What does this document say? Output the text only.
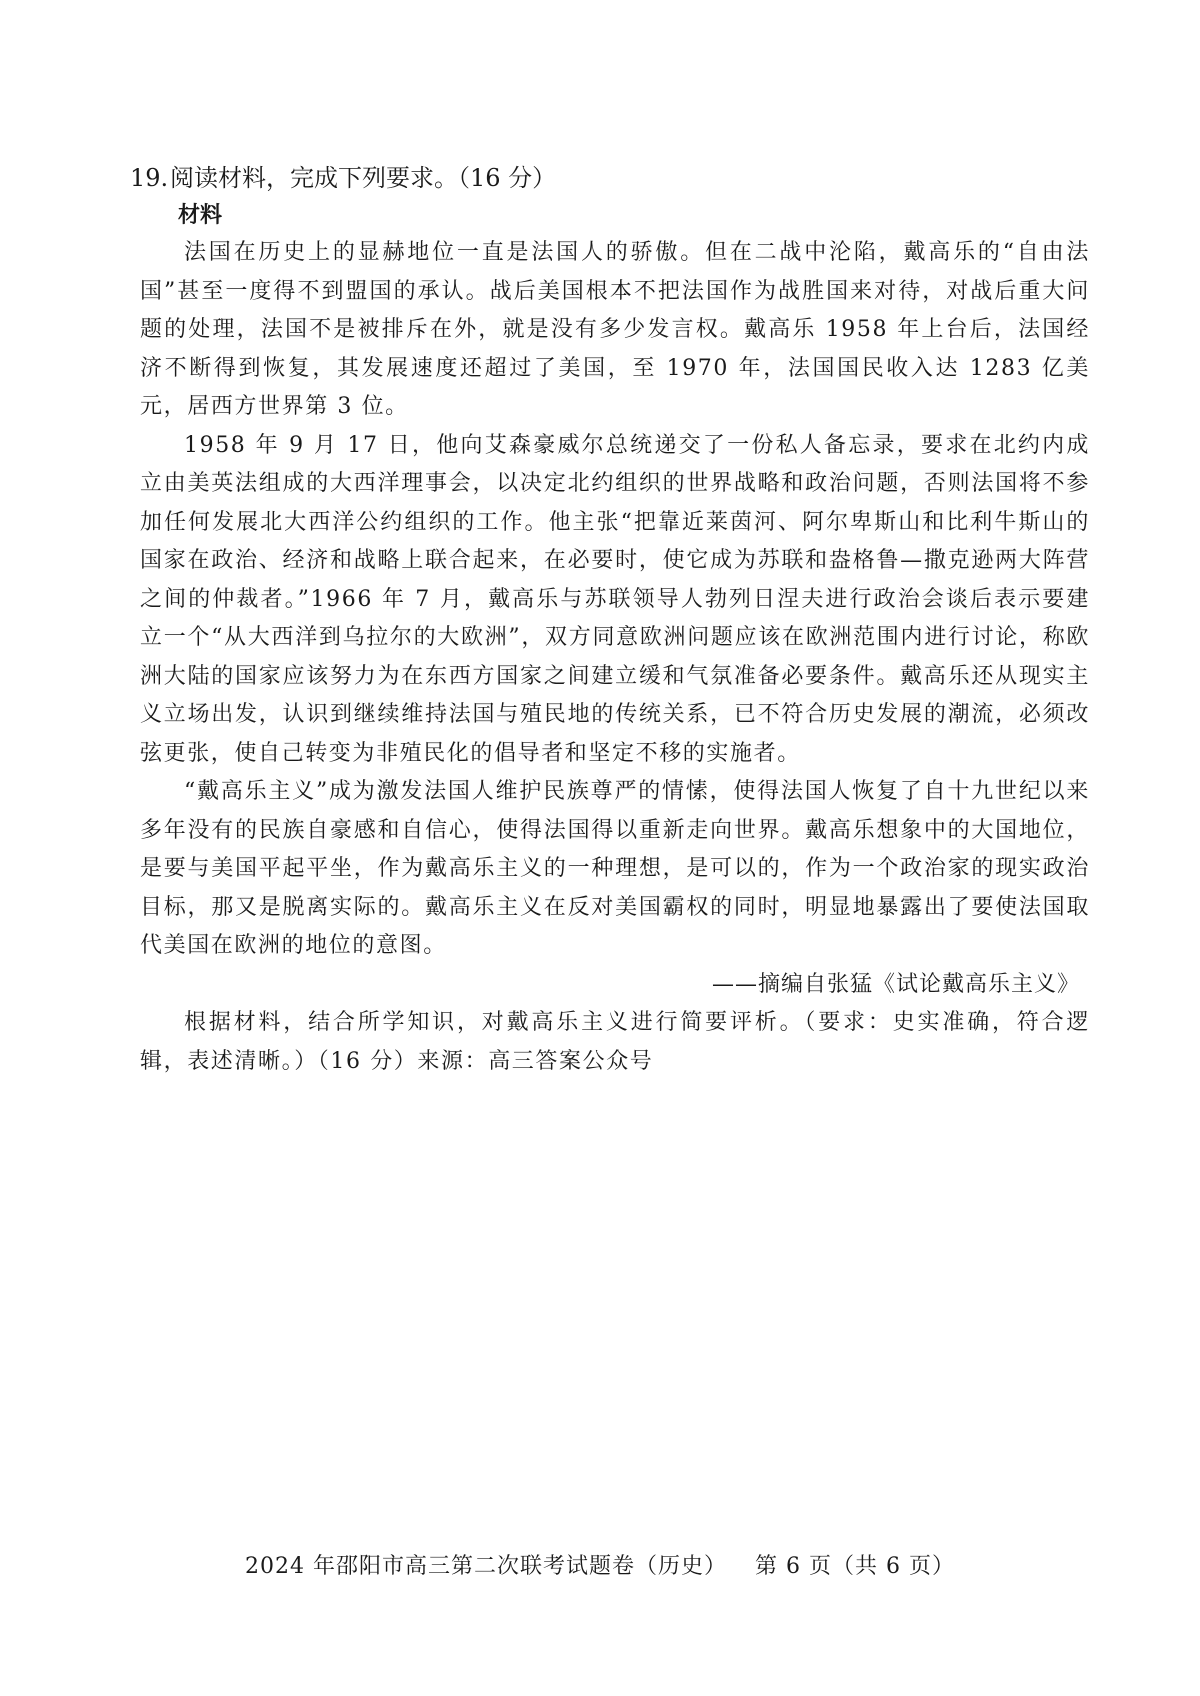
19.阅读材料，完成下列要求。（16 分）
材料
法国在历史上的显赫地位一直是法国人的骄傲。但在二战中沦陷，戴高乐的“自由法国”甚至一度得不到盟国的承认。战后美国根本不把法国作为战胜国来对待，对战后重大问题的处理，法国不是被排斥在外，就是没有多少发言权。戴高乐 1958 年上台后，法国经济不断得到恢复，其发展速度还超过了美国，至 1970 年，法国国民收入达 1283 亿美元，居西方世界第 3 位。
1958 年 9 月 17 日，他向艾森豪威尔总统递交了一份私人备忘录，要求在北约内成立由美英法组成的大西洋理事会，以决定北约组织的世界战略和政治问题，否则法国将不参加任何发展北大西洋公约组织的工作。他主张“把靠近莱茵河、阿尔卑斯山和比利牛斯山的国家在政治、经济和战略上联合起来，在必要时，使它成为苏联和盎格鲁—撒克逊两大阵营之间的仲裁者。”1966 年 7 月，戴高乐与苏联领导人勃列日涅夫进行政治会谈后表示要建立一个“从大西洋到乌拉尔的大欧洲”，双方同意欧洲问题应该在欧洲范围内进行讨论，称欧洲大陆的国家应该努力为在东西方国家之间建立缓和气氛准备必要条件。戴高乐还从现实主义立场出发，认识到继续维持法国与殖民地的传统关系，已不符合历史发展的潮流，必须改弦更张，使自己转变为非殖民化的倡导者和坚定不移的实施者。
“戴高乐主义”成为激发法国人维护民族尊严的情愫，使得法国人恢复了自十九世纪以来多年没有的民族自豪感和自信心，使得法国得以重新走向世界。戴高乐想象中的大国地位，是要与美国平起平坐，作为戴高乐主义的一种理想，是可以的，作为一个政治家的现实政治目标，那又是脱离实际的。戴高乐主义在反对美国霸权的同时，明显地暴露出了要使法国取代美国在欧洲的地位的意图。
——摘编自张猛《试论戴高乐主义》
根据材料，结合所学知识，对戴高乐主义进行简要评析。（要求：史实准确，符合逻辑，表述清晰。）（16 分）来源：高三答案公众号
2024 年邵阳市高三第二次联考试题卷（历史） 第 6 页（共 6 页）
